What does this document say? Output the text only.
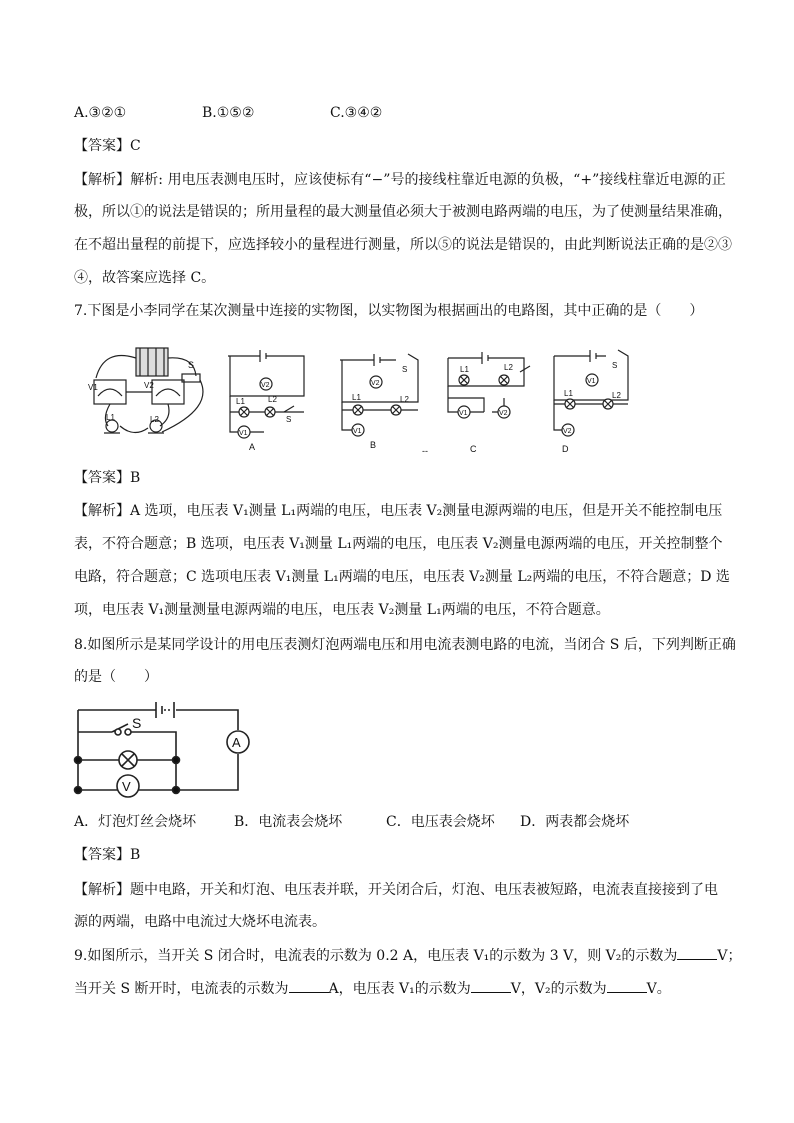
A.③②①	B.①⑤②	C.③④②
【答案】C
【解析】解析: 用电压表测电压时，应该使标有“−”号的接线柱靠近电源的负极，“+”接线柱靠近电源的正
极，所以①的说法是错误的；所用量程的最大测量值必须大于被测电路两端的电压，为了使测量结果准确，
在不超出量程的前提下，应选择较小的量程进行测量，所以⑤的说法是错误的，由此判断说法正确的是②③
④，故答案应选择 C。
7.下图是小李同学在某次测量中连接的实物图，以实物图为根据画出的电路图，其中正确的是（　　）
S
V1	V2
L1	L2
V2
V1
L1	L2
S
A
V2
S
V1
L1	L2
B
--
V1	V2
L1	L2
C
V1
S
V2
L1	L2
D
【答案】B
【解析】A 选项，电压表 V₁测量 L₁两端的电压，电压表 V₂测量电源两端的电压，但是开关不能控制电压
表，不符合题意；B 选项，电压表 V₁测量 L₁两端的电压，电压表 V₂测量电源两端的电压，开关控制整个
电路，符合题意；C 选项电压表 V₁测量 L₁两端的电压，电压表 V₂测量 L₂两端的电压，不符合题意；D 选
项，电压表 V₁测量测量电源两端的电压，电压表 V₂测量 L₁两端的电压，不符合题意。
8.如图所示是某同学设计的用电压表测灯泡两端电压和用电流表测电路的电流，当闭合 S 后，下列判断正确
的是（　　）
A
S
V
A．灯泡灯丝会烧坏	B．电流表会烧坏	C．电压表会烧坏 D．两表都会烧坏
【答案】B
【解析】题中电路，开关和灯泡、电压表并联，开关闭合后，灯泡、电压表被短路，电流表直接接到了电
源的两端，电路中电流过大烧坏电流表。
9.如图所示，当开关 S 闭合时，电流表的示数为 0.2 A，电压表 V₁的示数为 3 V，则 V₂的示数为	V；
当开关 S 断开时，电流表的示数为	A，电压表 V₁的示数为	V，V₂的示数为	V。
